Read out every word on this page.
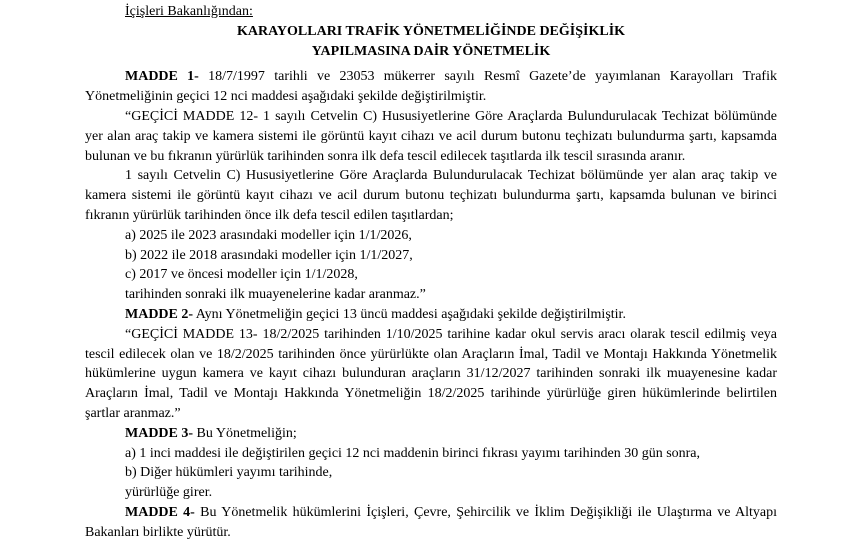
İçişleri Bakanlığından:

KARAYOLLARI TRAFİK YÖNETMELİĞİNDE DEĞİŞİKLİK
YAPILMASINA DAİR YÖNETMELİK

MADDE 1- 18/7/1997 tarihli ve 23053 mükerrer sayılı Resmî Gazete’de yayımlanan Karayolları Trafik Yönetmeliğinin geçici 12 nci maddesi aşağıdaki şekilde değiştirilmiştir.

“GEÇİCİ MADDE 12- 1 sayılı Cetvelin C) Hususiyetlerine Göre Araçlarda Bulundurulacak Techizat bölümünde yer alan araç takip ve kamera sistemi ile görüntü kayıt cihazı ve acil durum butonu teçhizatı bulundurma şartı, kapsamda bulunan ve bu fıkranın yürürlük tarihinden sonra ilk defa tescil edilecek taşıtlarda ilk tescil sırasında aranır.

1 sayılı Cetvelin C) Hususiyetlerine Göre Araçlarda Bulundurulacak Techizat bölümünde yer alan araç takip ve kamera sistemi ile görüntü kayıt cihazı ve acil durum butonu teçhizatı bulundurma şartı, kapsamda bulunan ve birinci fıkranın yürürlük tarihinden önce ilk defa tescil edilen taşıtlardan;

a) 2025 ile 2023 arasındaki modeller için 1/1/2026,

b) 2022 ile 2018 arasındaki modeller için 1/1/2027,

c) 2017 ve öncesi modeller için 1/1/2028,

tarihinden sonraki ilk muayenelerine kadar aranmaz.”

MADDE 2- Aynı Yönetmeliğin geçici 13 üncü maddesi aşağıdaki şekilde değiştirilmiştir.

“GEÇİCİ MADDE 13- 18/2/2025 tarihinden 1/10/2025 tarihine kadar okul servis aracı olarak tescil edilmiş veya tescil edilecek olan ve 18/2/2025 tarihinden önce yürürlükte olan Araçların İmal, Tadil ve Montajı Hakkında Yönetmelik hükümlerine uygun kamera ve kayıt cihazı bulunduran araçların 31/12/2027 tarihinden sonraki ilk muayenesine kadar Araçların İmal, Tadil ve Montajı Hakkında Yönetmeliğin 18/2/2025 tarihinde yürürlüğe giren hükümlerinde belirtilen şartlar aranmaz.”

MADDE 3- Bu Yönetmeliğin;

a) 1 inci maddesi ile değiştirilen geçici 12 nci maddenin birinci fıkrası yayımı tarihinden 30 gün sonra,

b) Diğer hükümleri yayımı tarihinde,

yürürlüğe girer.

MADDE 4- Bu Yönetmelik hükümlerini İçişleri, Çevre, Şehircilik ve İklim Değişikliği ile Ulaştırma ve Altyapı Bakanları birlikte yürütür.
